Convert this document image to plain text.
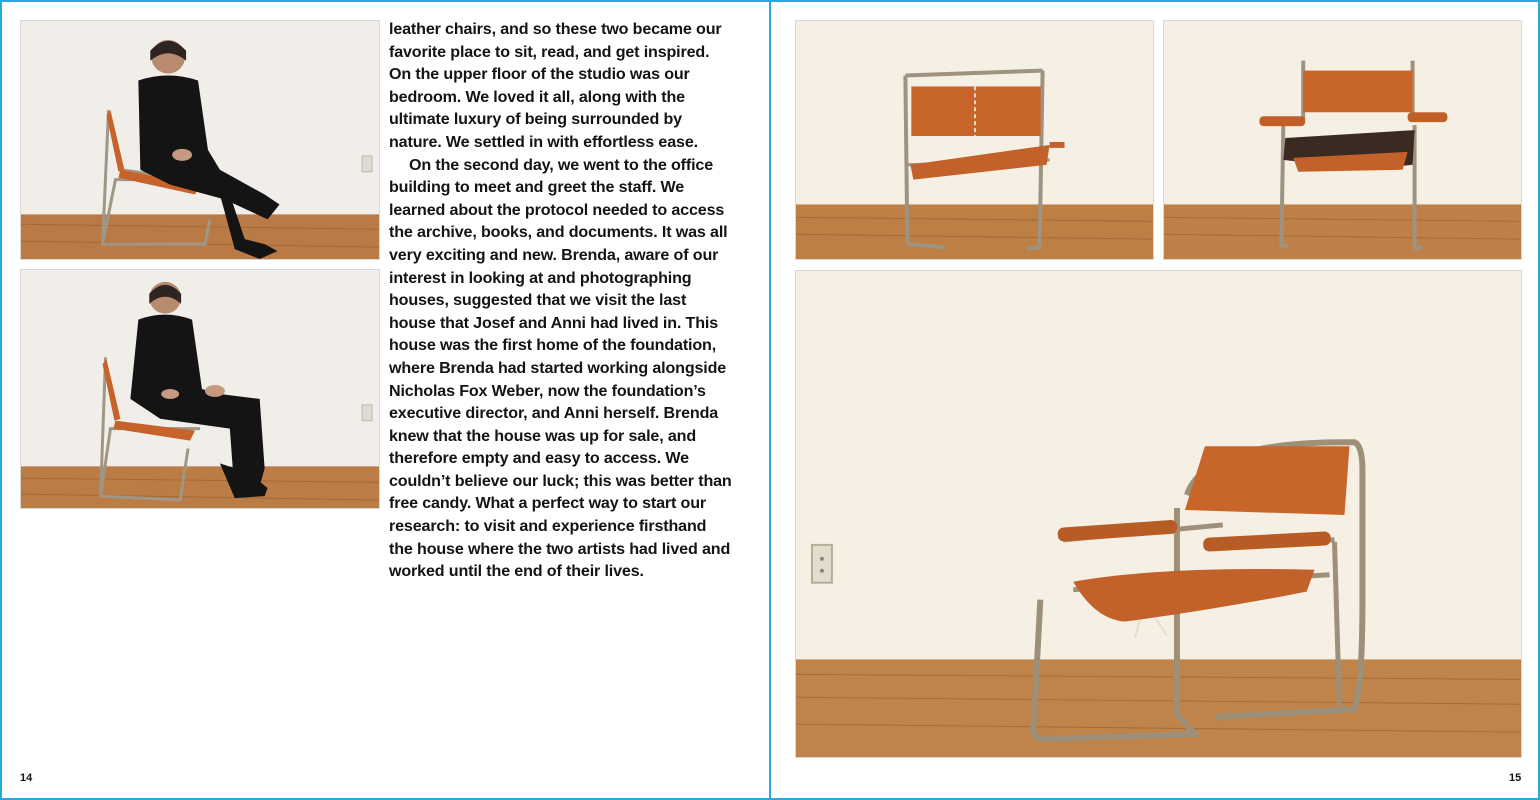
leather chairs, and so these two became our favorite place to sit, read, and get inspired. On the upper floor of the studio was our bedroom. We loved it all, along with the ultimate luxury of being surrounded by nature. We settled in with effortless ease.

On the second day, we went to the office building to meet and greet the staff. We learned about the protocol needed to access the archive, books, and documents. It was all very exciting and new. Brenda, aware of our interest in looking at and photographing houses, suggested that we visit the last house that Josef and Anni had lived in. This house was the first home of the foundation, where Brenda had started working alongside Nicholas Fox Weber, now the foundation’s executive director, and Anni herself. Brenda knew that the house was up for sale, and therefore empty and easy to access. We couldn’t believe our luck; this was better than free candy. What a perfect way to start our research: to visit and experience firsthand the house where the two artists had lived and worked until the end of their lives.

14	15
